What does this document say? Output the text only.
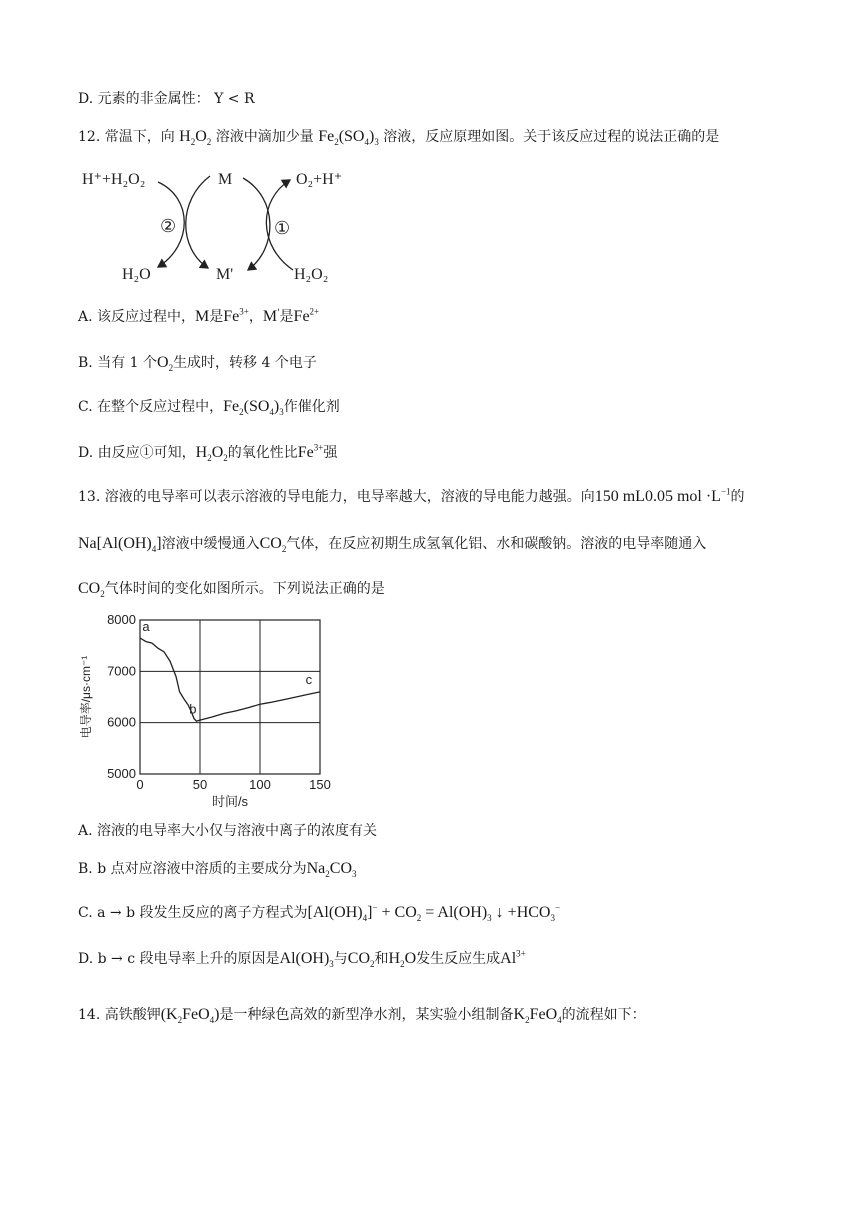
D. 元素的非金属性： Y < R
12. 常温下，向 $H_2O_2$ 溶液中滴加少量 $Fe_2(SO_4)_3$ 溶液，反应原理如图。关于该反应过程的说法正确的是
H⁺+H₂O₂	M	O₂+H⁺
H₂O	M'	H₂O₂
②	①
A. 该反应过程中，M是$Fe^{3+}$，M'是$Fe^{2+}$
B. 当有 1 个$O_2$生成时，转移 4 个电子
C. 在整个反应过程中，$Fe_2(SO_4)_3$作催化剂
D. 由反应①可知，$H_2O_2$的氧化性比$Fe^{3+}$强
13. 溶液的电导率可以表示溶液的导电能力，电导率越大，溶液的导电能力越强。向150 mL0.05 mol $\cdot L^{-1}$的
$Na[Al(OH)_4]$溶液中缓慢通入$CO_2$气体，在反应初期生成氢氧化铝、水和碳酸钠。溶液的电导率随通入
$CO_2$气体时间的变化如图所示。下列说法正确的是
0	50	100	150
5000
6000
7000
8000
时间/s
电导率/μs·cm⁻¹
a
b
c
A. 溶液的电导率大小仅与溶液中离子的浓度有关
B. b 点对应溶液中溶质的主要成分为$Na_2CO_3$
C. a → b 段发生反应的离子方程式为$[Al(OH)_4]^- + CO_2 = Al(OH)_3$ ↓ $+HCO_3^-$
D. b → c 段电导率上升的原因是$Al(OH)_3$与$CO_2$和$H_2O$发生反应生成$Al^{3+}$
14. 高铁酸钾$(K_2FeO_4)$是一种绿色高效的新型净水剂，某实验小组制备$K_2FeO_4$的流程如下：
